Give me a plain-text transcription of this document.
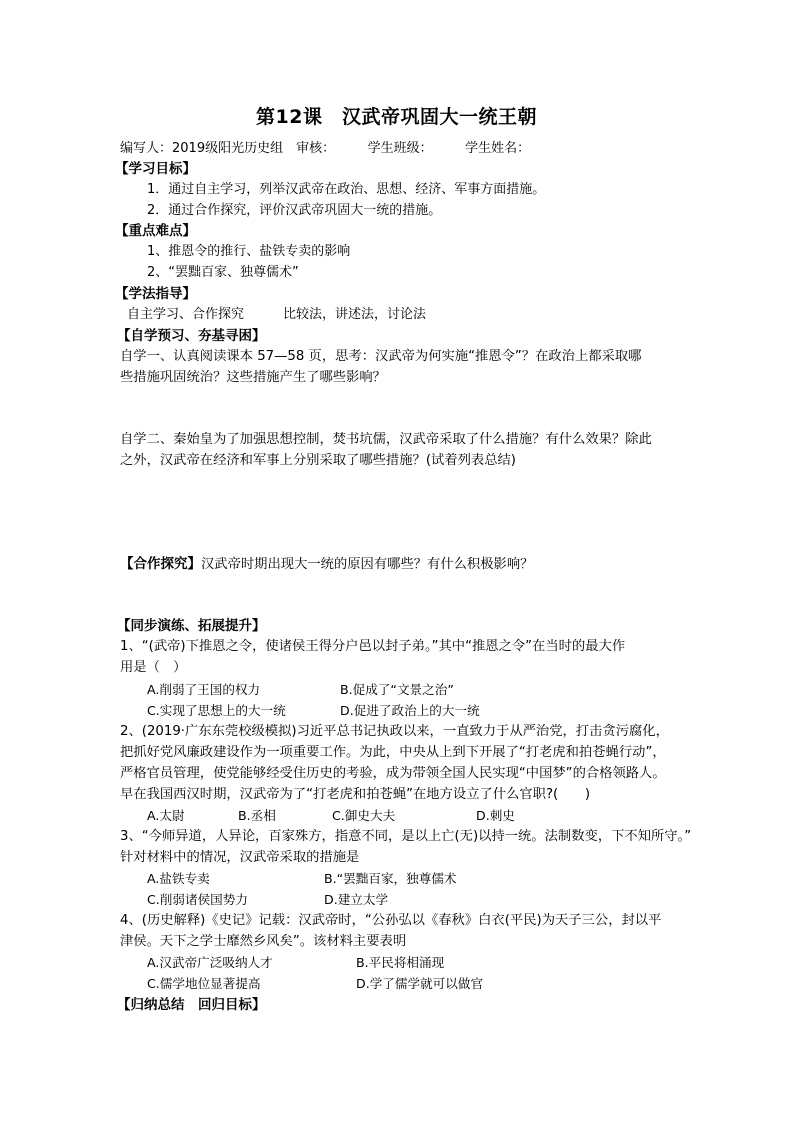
第12课　汉武帝巩固大一统王朝
编写人：2019级阳光历史组　审核：　　　学生班级：　　　学生姓名：
【学习目标】
1．通过自主学习，列举汉武帝在政治、思想、经济、军事方面措施。
2．通过合作探究，评价汉武帝巩固大一统的措施。
【重点难点】
1、推恩令的推行、盐铁专卖的影响
2、“罢黜百家、独尊儒术”
【学法指导】
自主学习、合作探究　　　比较法，讲述法，讨论法
【自学预习、夯基寻困】
自学一、认真阅读课本 57—58 页，思考：汉武帝为何实施“推恩令”？在政治上都采取哪
些措施巩固统治？这些措施产生了哪些影响？
自学二、秦始皇为了加强思想控制，焚书坑儒，汉武帝采取了什么措施？有什么效果？除此
之外，汉武帝在经济和军事上分别采取了哪些措施？(试着列表总结)
【合作探究】汉武帝时期出现大一统的原因有哪些？有什么积极影响？
【同步演练、拓展提升】
1、“(武帝)下推恩之令，使诸侯王得分户邑以封子弟。”其中“推恩之令”在当时的最大作
用是（　）
A.削弱了王国的权力	B.促成了“文景之治”
C.实现了思想上的大一统	D.促进了政治上的大一统
2、(2019·广东东莞校级模拟)习近平总书记执政以来，一直致力于从严治党，打击贪污腐化，
把抓好党风廉政建设作为一项重要工作。为此，中央从上到下开展了“打老虎和拍苍蝇行动”，
严格官员管理，使党能够经受住历史的考验，成为带领全国人民实现“中国梦”的合格领路人。
早在我国西汉时期，汉武帝为了“打老虎和拍苍蝇”在地方设立了什么官职?(　　)
A.太尉	B.丞相	C.御史大夫	D.刺史
3、“今师异道，人异论，百家殊方，指意不同，是以上亡(无)以持一统。法制数变，下不知所守。”
针对材料中的情况，汉武帝采取的措施是
A.盐铁专卖	B.“罢黜百家，独尊儒术
C.削弱诸侯国势力	D.建立太学
4、(历史解释)《史记》记载：汉武帝时，“公孙弘以《春秋》白衣(平民)为天子三公，封以平
津侯。天下之学士靡然乡风矣”。该材料主要表明
A.汉武帝广泛吸纳人才	B.平民将相涌现
C.儒学地位显著提高	D.学了儒学就可以做官
【归纳总结　回归目标】
